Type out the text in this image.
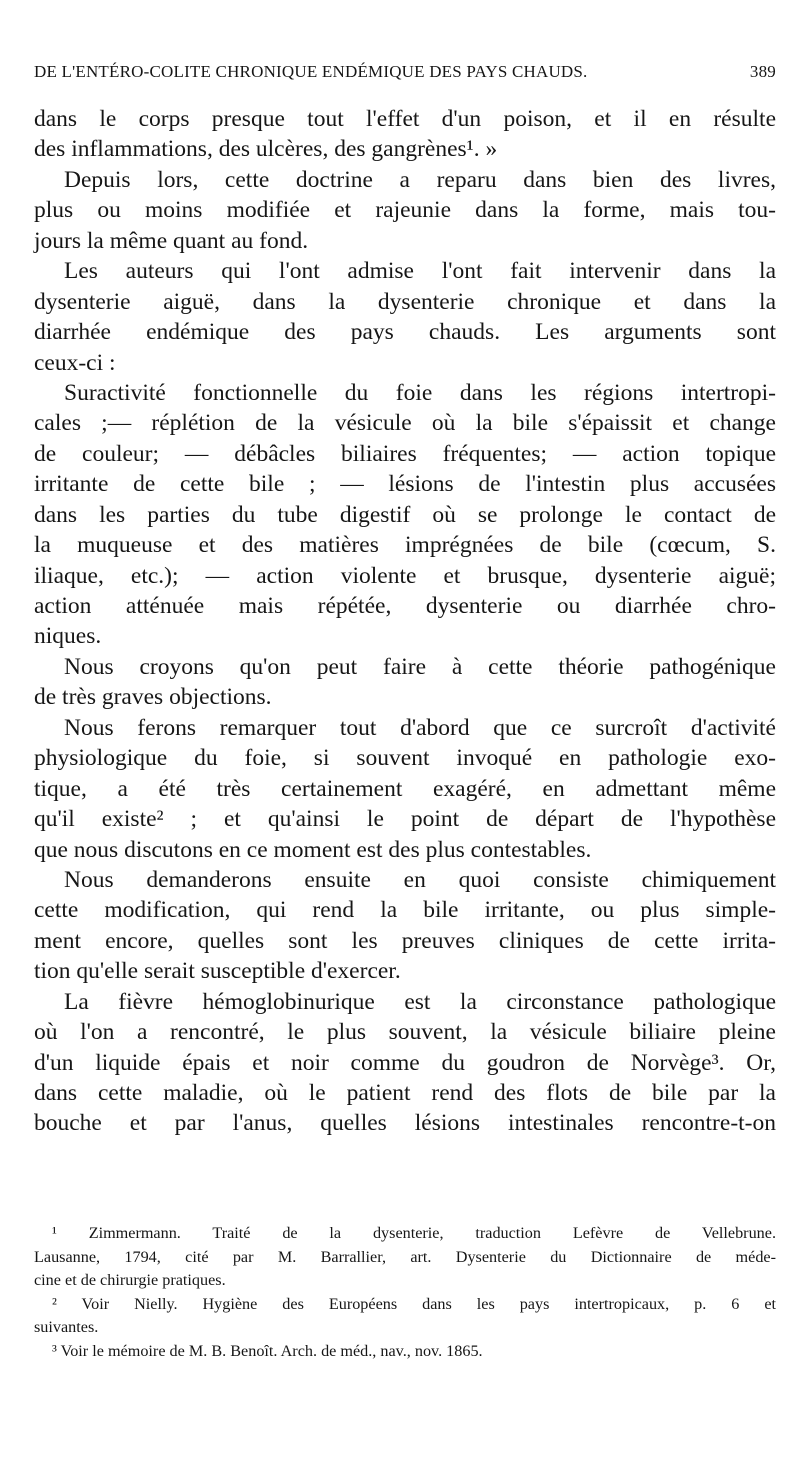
DE L'ENTÉRO-COLITE CHRONIQUE ENDÉMIQUE DES PAYS CHAUDS.	389
dans le corps presque tout l'effet d'un poison, et il en résulte
des inflammations, des ulcères, des gangrènes¹. »
Depuis lors, cette doctrine a reparu dans bien des livres,
plus ou moins modifiée et rajeunie dans la forme, mais tou-
jours la même quant au fond.
Les auteurs qui l'ont admise l'ont fait intervenir dans la
dysenterie aiguë, dans la dysenterie chronique et dans la
diarrhée endémique des pays chauds. Les arguments sont
ceux-ci :
Suractivité fonctionnelle du foie dans les régions intertropi-
cales ;— réplétion de la vésicule où la bile s'épaissit et change
de couleur; — débâcles biliaires fréquentes; — action topique
irritante de cette bile ; — lésions de l'intestin plus accusées
dans les parties du tube digestif où se prolonge le contact de
la muqueuse et des matières imprégnées de bile (cœcum, S.
iliaque, etc.); — action violente et brusque, dysenterie aiguë;
action atténuée mais répétée, dysenterie ou diarrhée chro-
niques.
Nous croyons qu'on peut faire à cette théorie pathogénique
de très graves objections.
Nous ferons remarquer tout d'abord que ce surcroît d'activité
physiologique du foie, si souvent invoqué en pathologie exo-
tique, a été très certainement exagéré, en admettant même
qu'il existe² ; et qu'ainsi le point de départ de l'hypothèse
que nous discutons en ce moment est des plus contestables.
Nous demanderons ensuite en quoi consiste chimiquement
cette modification, qui rend la bile irritante, ou plus simple-
ment encore, quelles sont les preuves cliniques de cette irrita-
tion qu'elle serait susceptible d'exercer.
La fièvre hémoglobinurique est la circonstance pathologique
où l'on a rencontré, le plus souvent, la vésicule biliaire pleine
d'un liquide épais et noir comme du goudron de Norvège³. Or,
dans cette maladie, où le patient rend des flots de bile par la
bouche et par l'anus, quelles lésions intestinales rencontre-t-on
¹ Zimmermann. Traité de la dysenterie, traduction Lefèvre de Vellebrune.
Lausanne, 1794, cité par M. Barrallier, art. Dysenterie du Dictionnaire de méde-
cine et de chirurgie pratiques.
² Voir Nielly. Hygiène des Européens dans les pays intertropicaux, p. 6 et
suivantes.
³ Voir le mémoire de M. B. Benoît. Arch. de méd., nav., nov. 1865.
